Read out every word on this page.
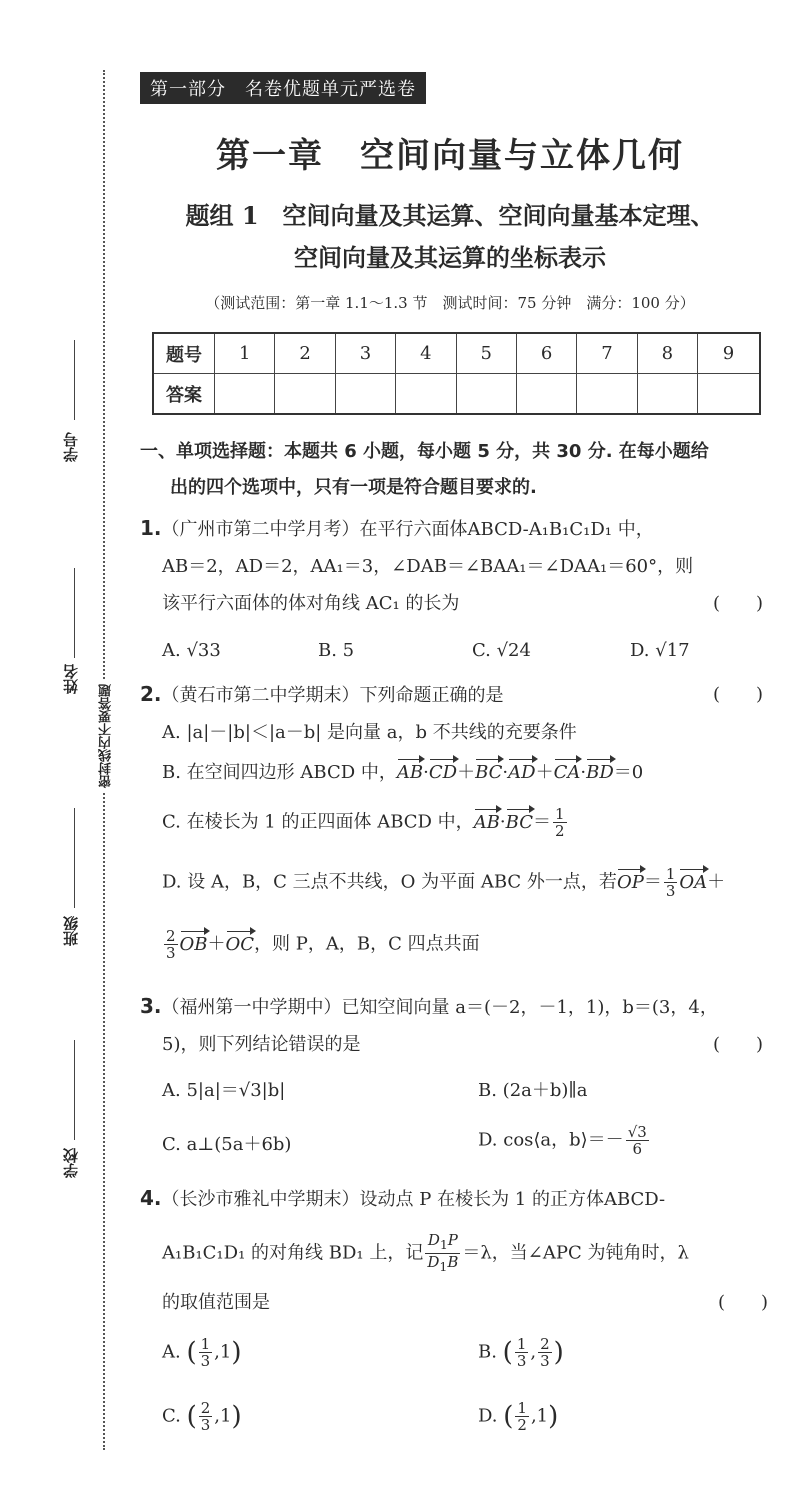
学号
姓名
班级
学校
密封线内不要答题
第一部分　名卷优题单元严选卷
第一章　空间向量与立体几何
题组 1　空间向量及其运算、空间向量基本定理、
空间向量及其运算的坐标表示
（测试范围：第一章 1.1～1.3 节　测试时间：75 分钟　满分：100 分）
题号	1	2	3	4	5	6	7	8	9
答案									
一、单项选择题：本题共 6 小题，每小题 5 分，共 30 分. 在每小题给
出的四个选项中，只有一项是符合题目要求的.
1.（广州市第二中学月考）在平行六面体ABCD-A₁B₁C₁D₁ 中，
AB＝2，AD＝2，AA₁＝3，∠DAB＝∠BAA₁＝∠DAA₁＝60°，则
该平行六面体的体对角线 AC₁ 的长为	(　　)
A. √33	B. 5	C. √24	D. √17
2.（黄石市第二中学期末）下列命题正确的是	(　　)
A. |a|－|b|＜|a－b| 是向量 a，b 不共线的充要条件
B. 在空间四边形 ABCD 中，AB·CD＋BC·AD＋CA·BD＝0
C. 在棱长为 1 的正四面体 ABCD 中，$AB\cdot BC= \frac{1}{2}$
D. 设 A，B，C 三点不共线，O 为平面 ABC 外一点，若$OP= \frac{1}{3} OA+$
$\frac{2}{3} OB+OC$，则 P，A，B，C 四点共面
3.（福州第一中学期中）已知空间向量 a＝(－2，－1，1)，b＝(3，4，
5)，则下列结论错误的是	(　　)
A. 5|a|＝√3|b|	B. (2a＋b)∥a
C. a⊥(5a＋6b)	D. cos⟨a，b⟩＝－ $\frac{√3}{6}$
4.（长沙市雅礼中学期末）设动点 P 在棱长为 1 的正方体ABCD-
A₁B₁C₁D₁ 的对角线 BD₁ 上，记 $\frac{D_1P}{D_1B} =\lambda$，当∠APC 为钝角时，λ
的取值范围是	(　　)
A. ( $\frac{1}{3} ,1$)	B. ( $\frac{1}{3}$ , $\frac{2}{3}$ )
C. ( $\frac{2}{3} ,1$)	D. ( $\frac{1}{2} ,1$)
